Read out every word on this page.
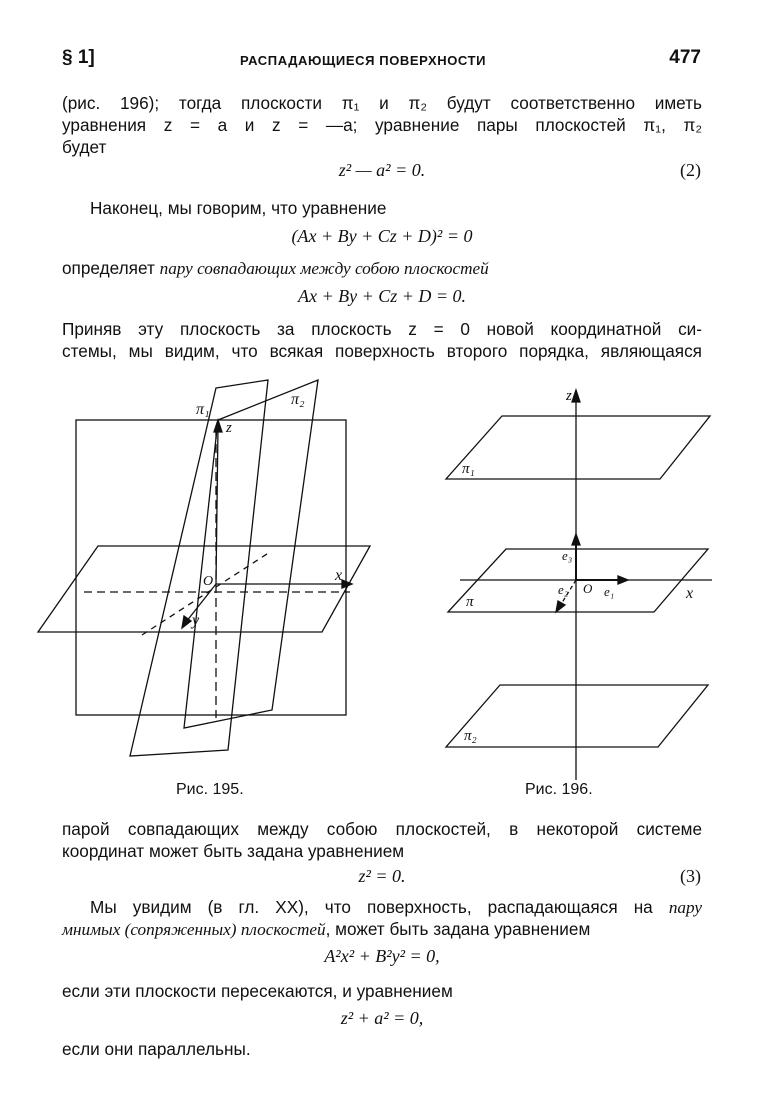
§ 1]	РАСПАДАЮЩИЕСЯ ПОВЕРХНОСТИ	477
(рис. 196); тогда плоскости π₁ и π₂ будут соответственно иметь
уравнения z = a и z = —a; уравнение пары плоскостей π₁, π₂
будет
z² — a² = 0.	(2)
Наконец, мы говорим, что уравнение
(Ax + By + Cz + D)² = 0
определяет пару совпадающих между собою плоскостей
Ax + By + Cz + D = 0.
Приняв эту плоскость за плоскость z = 0 новой координатной си-
стемы, мы видим, что всякая поверхность второго порядка, являющаяся
π₁
π₂
z
O	x
y
z
π₁
π
π₂
e₃
e₂ O e₁	x
Рис. 195.	Рис. 196.
парой совпадающих между собою плоскостей, в некоторой системе
координат может быть задана уравнением
z² = 0.	(3)
Мы увидим (в гл. XX), что поверхность, распадающаяся на пару
мнимых (сопряженных) плоскостей, может быть задана уравнением
A²x² + B²y² = 0,
если эти плоскости пересекаются, и уравнением
z² + a² = 0,
если они параллельны.
